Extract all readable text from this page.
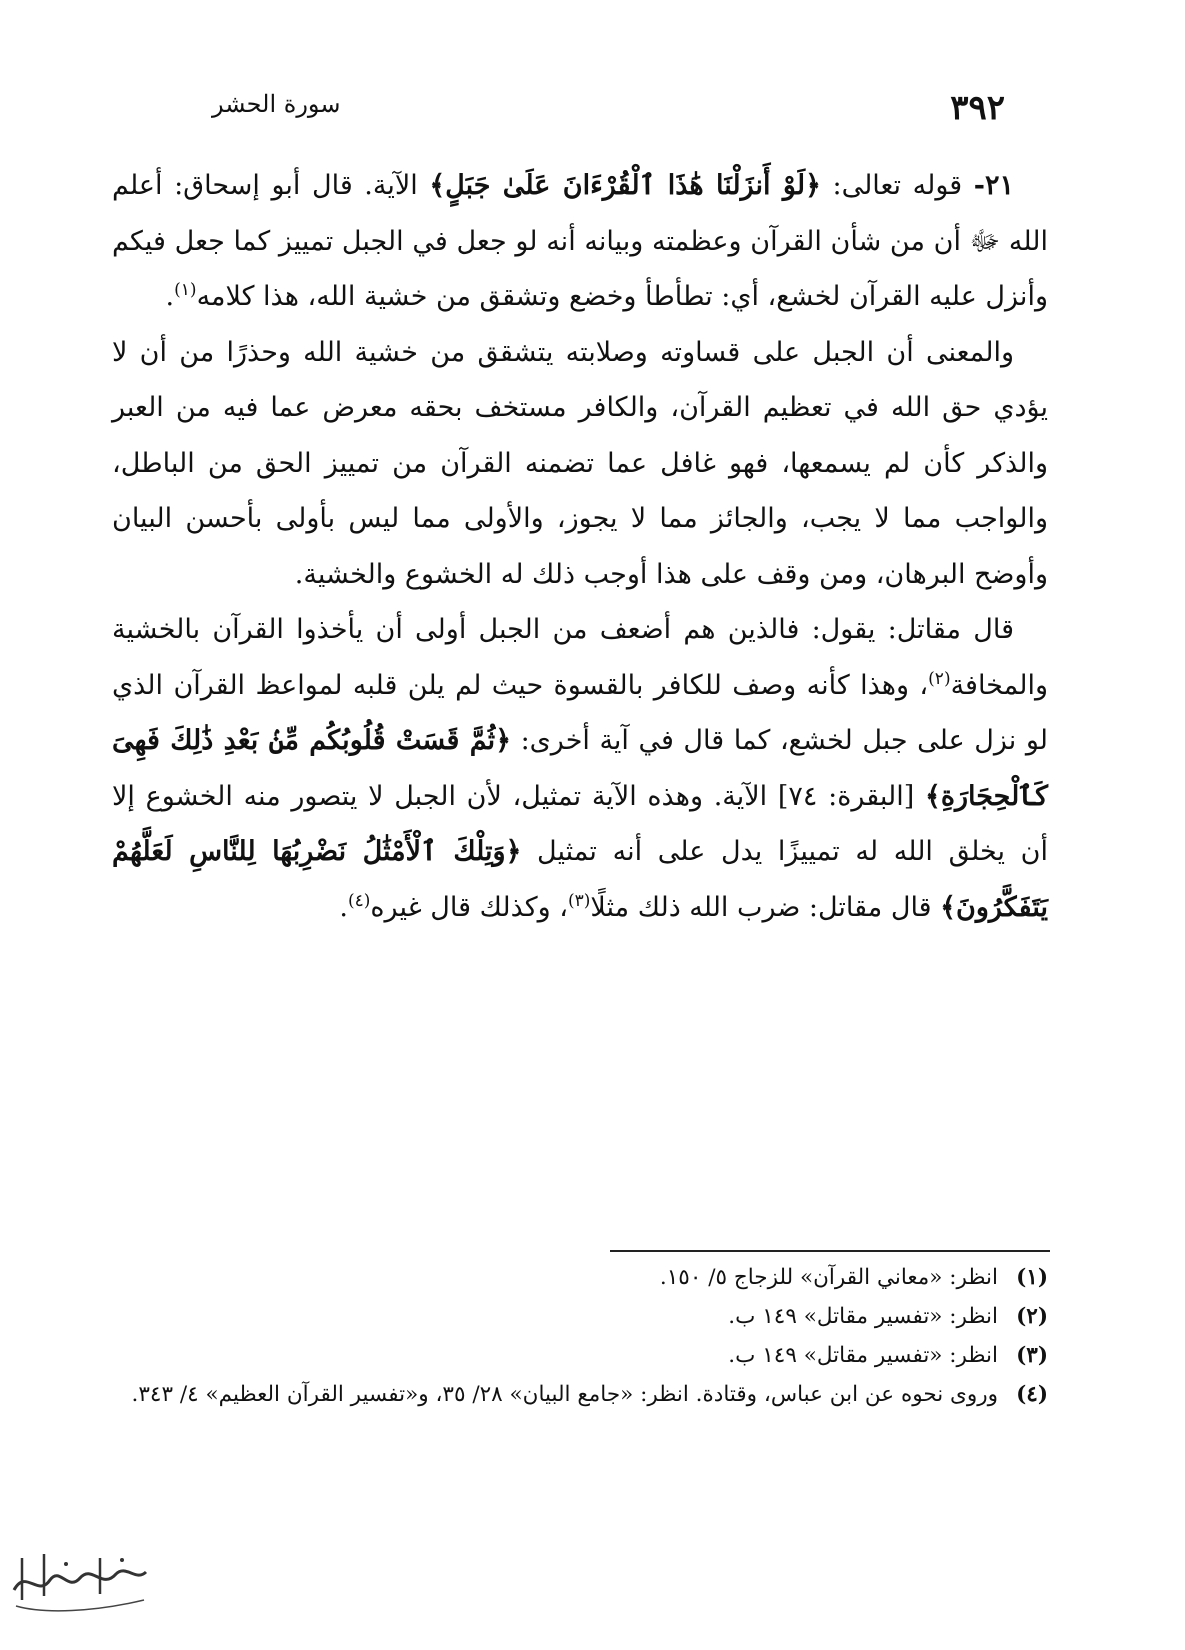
٣٩٢
سورة الحشر

٢١- قوله تعالى: ﴿لَوْ أَنزَلْنَا هَٰذَا ٱلْقُرْءَانَ عَلَىٰ جَبَلٍ﴾ الآية. قال أبو إسحاق: أعلم الله ﷻ أن من شأن القرآن وعظمته وبيانه أنه لو جعل في الجبل تمييز كما جعل فيكم وأنزل عليه القرآن لخشع، أي: تطأطأ وخضع وتشقق من خشية الله، هذا كلامه$^{(١)}$.

والمعنى أن الجبل على قساوته وصلابته يتشقق من خشية الله وحذرًا من أن لا يؤدي حق الله في تعظيم القرآن، والكافر مستخف بحقه معرض عما فيه من العبر والذكر كأن لم يسمعها، فهو غافل عما تضمنه القرآن من تمييز الحق من الباطل، والواجب مما لا يجب، والجائز مما لا يجوز، والأولى مما ليس بأولى بأحسن البيان وأوضح البرهان، ومن وقف على هذا أوجب ذلك له الخشوع والخشية.

قال مقاتل: يقول: فالذين هم أضعف من الجبل أولى أن يأخذوا القرآن بالخشية والمخافة$^{(٢)}$، وهذا كأنه وصف للكافر بالقسوة حيث لم يلن قلبه لمواعظ القرآن الذي لو نزل على جبل لخشع، كما قال في آية أخرى: ﴿ثُمَّ قَسَتْ قُلُوبُكُم مِّنۢ بَعْدِ ذَٰلِكَ فَهِىَ كَٱلْحِجَارَةِ﴾ [البقرة: ٧٤] الآية. وهذه الآية تمثيل، لأن الجبل لا يتصور منه الخشوع إلا أن يخلق الله له تمييزًا يدل على أنه تمثيل ﴿وَتِلْكَ ٱلْأَمْثَٰلُ نَضْرِبُهَا لِلنَّاسِ لَعَلَّهُمْ يَتَفَكَّرُونَ﴾ قال مقاتل: ضرب الله ذلك مثلًا$^{(٣)}$، وكذلك قال غيره$^{(٤)}$.

(١)
انظر: «معاني القرآن» للزجاج ٥/ ١٥٠.

(٢)
انظر: «تفسير مقاتل» ١٤٩ ب.

(٣)
انظر: «تفسير مقاتل» ١٤٩ ب.

(٤)
وروى نحوه عن ابن عباس، وقتادة. انظر: «جامع البيان» ٢٨/ ٣٥، و«تفسير القرآن العظيم» ٤/ ٣٤٣.
